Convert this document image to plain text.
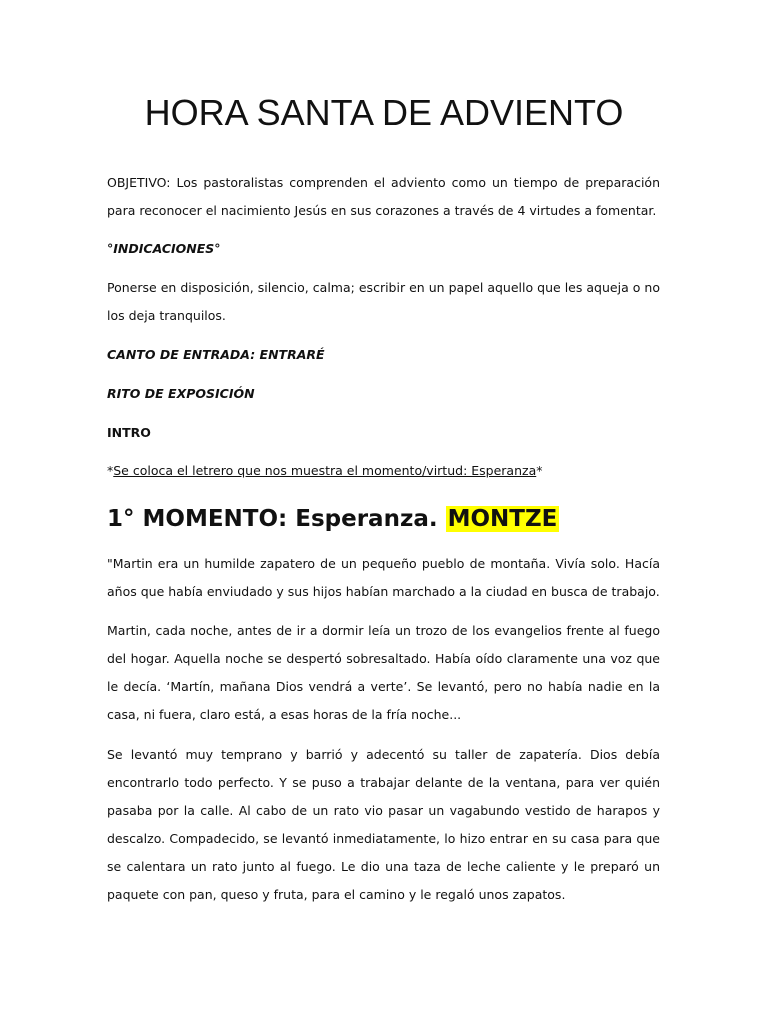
HORA SANTA DE ADVIENTO

OBJETIVO: Los pastoralistas comprenden el adviento como un tiempo de preparación para reconocer el nacimiento Jesús en sus corazones a través de 4 virtudes a fomentar.

°INDICACIONES°

Ponerse en disposición, silencio, calma; escribir en un papel aquello que les aqueja o no los deja tranquilos.

CANTO DE ENTRADA: ENTRARÉ

RITO DE EXPOSICIÓN

INTRO

*Se coloca el letrero que nos muestra el momento/virtud: Esperanza*

1° MOMENTO: Esperanza. MONTZE

"Martin era un humilde zapatero de un pequeño pueblo de montaña. Vivía solo. Hacía años que había enviudado y sus hijos habían marchado a la ciudad en busca de trabajo.

Martin, cada noche, antes de ir a dormir leía un trozo de los evangelios frente al fuego del hogar. Aquella noche se despertó sobresaltado. Había oído claramente una voz que le decía. ‘Martín, mañana Dios vendrá a verte’. Se levantó, pero no había nadie en la casa, ni fuera, claro está, a esas horas de la fría noche...

Se levantó muy temprano y barrió y adecentó su taller de zapatería. Dios debía encontrarlo todo perfecto. Y se puso a trabajar delante de la ventana, para ver quién pasaba por la calle. Al cabo de un rato vio pasar un vagabundo vestido de harapos y descalzo. Compadecido, se levantó inmediatamente, lo hizo entrar en su casa para que se calentara un rato junto al fuego. Le dio una taza de leche caliente y le preparó un paquete con pan, queso y fruta, para el camino y le regaló unos zapatos.
